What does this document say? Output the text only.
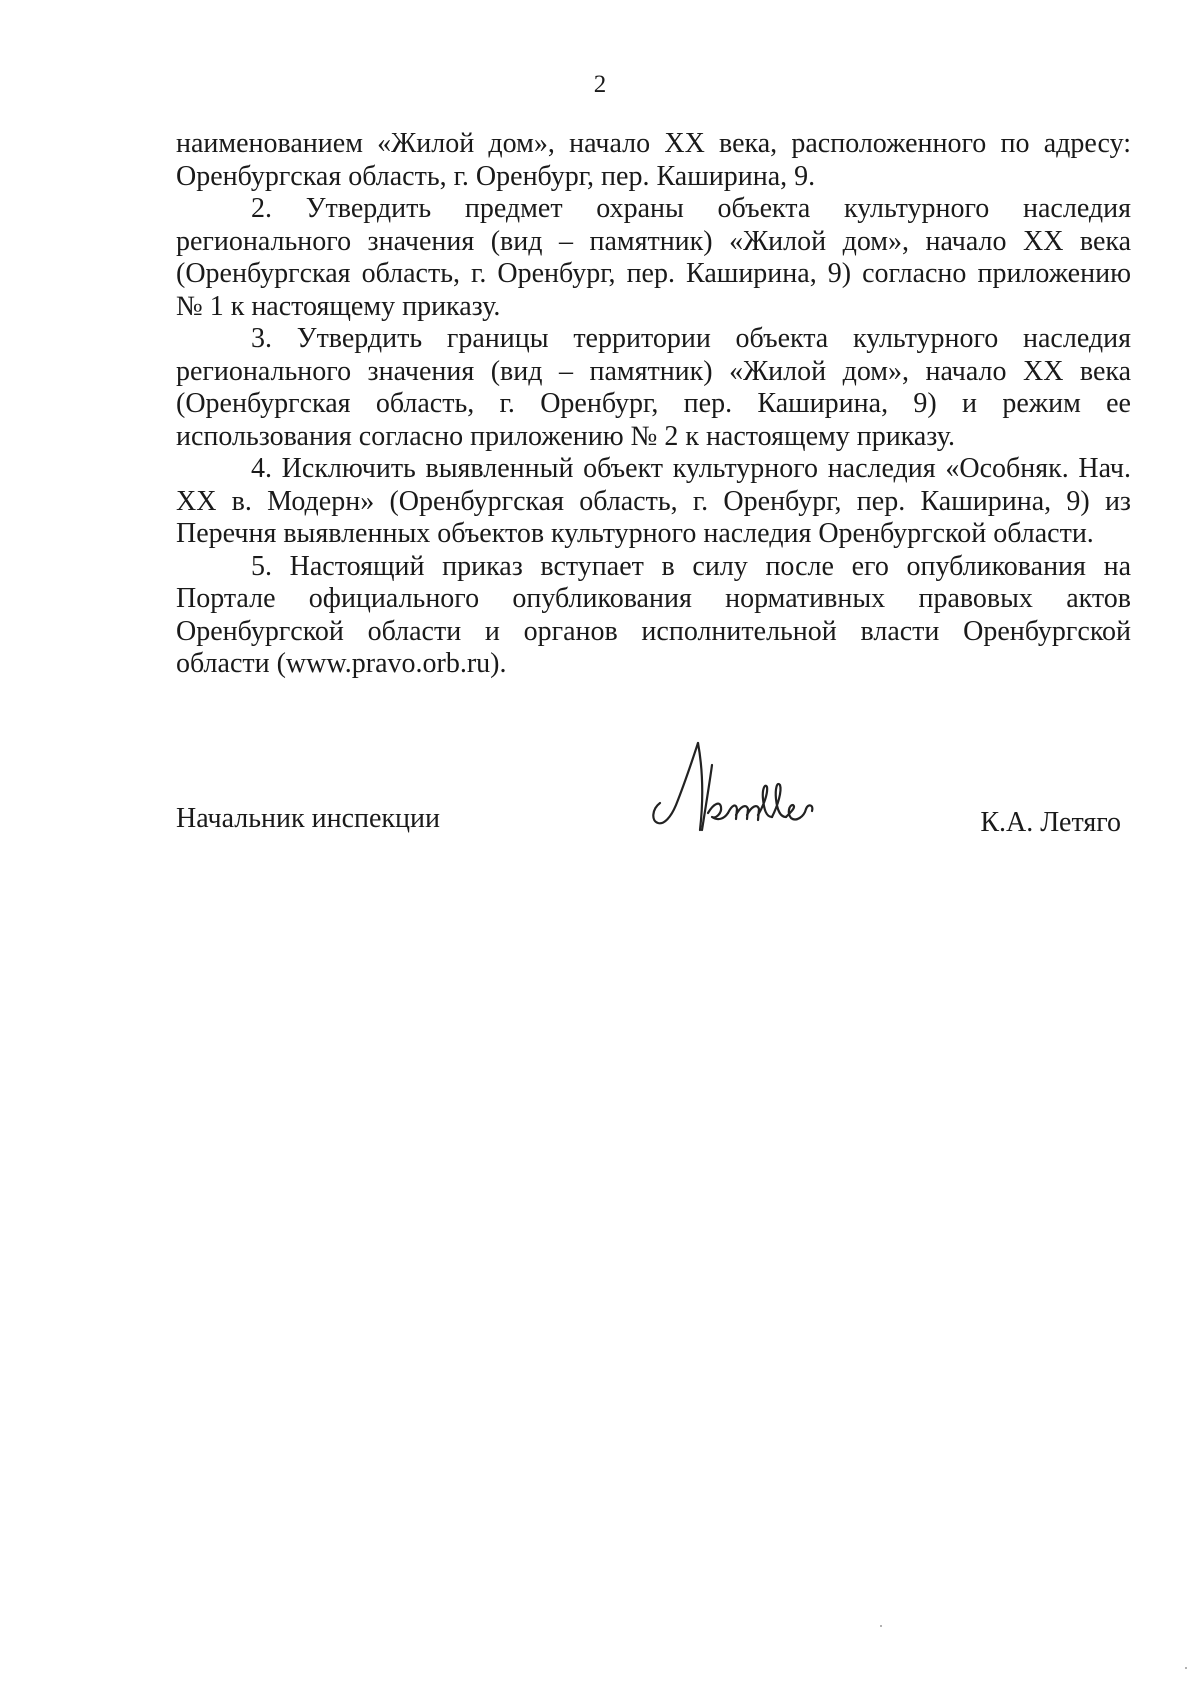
2

наименованием «Жилой дом», начало XX века, расположенного по адресу: Оренбургская область, г. Оренбург, пер. Каширина, 9.

2. Утвердить предмет охраны объекта культурного наследия регионального значения (вид – памятник) «Жилой дом», начало XX века (Оренбургская область, г. Оренбург, пер. Каширина, 9) согласно приложению № 1 к настоящему приказу.

3. Утвердить границы территории объекта культурного наследия регионального значения (вид – памятник) «Жилой дом», начало XX века (Оренбургская область, г. Оренбург, пер. Каширина, 9) и режим ее использования согласно приложению № 2 к настоящему приказу.

4. Исключить выявленный объект культурного наследия «Особняк. Нач. XX в. Модерн» (Оренбургская область, г. Оренбург, пер. Каширина, 9) из Перечня выявленных объектов культурного наследия Оренбургской области.

5. Настоящий приказ вступает в силу после его опубликования на Портале официального опубликования нормативных правовых актов Оренбургской области и органов исполнительной власти Оренбургской области (www.pravo.orb.ru).

Начальник инспекции	К.А. Летяго
